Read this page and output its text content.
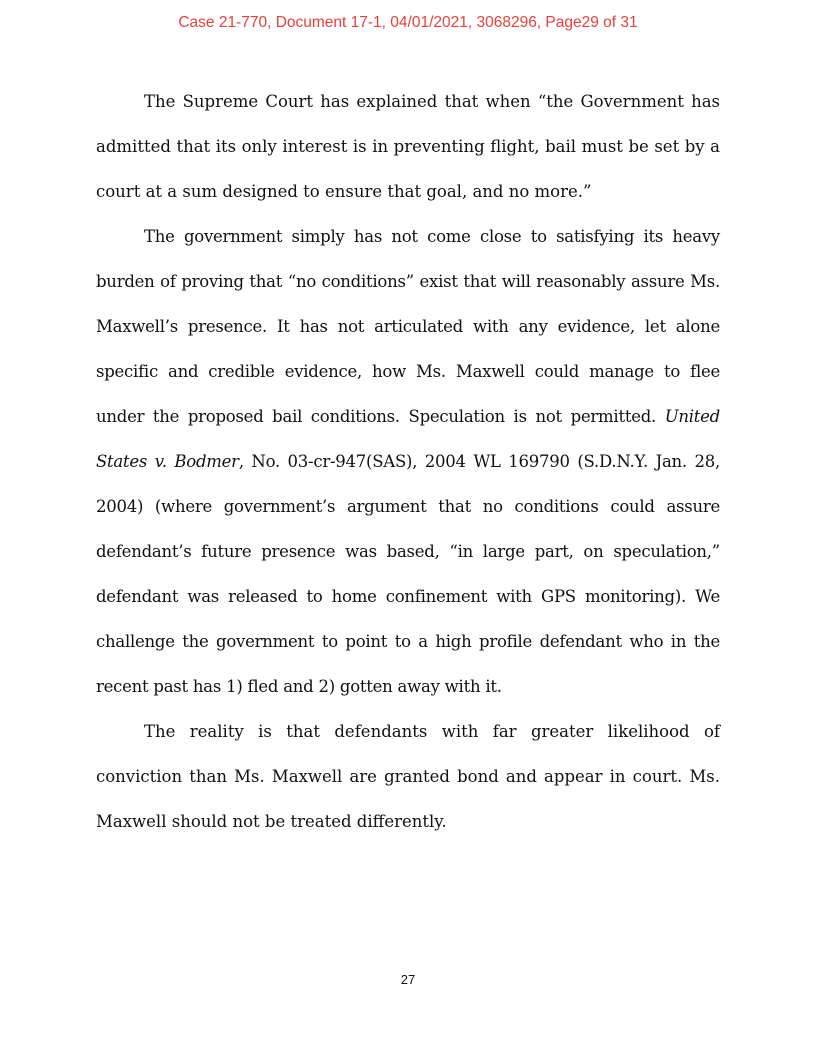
Case 21-770, Document 17-1, 04/01/2021, 3068296, Page29 of 31

The Supreme Court has explained that when “the Government has admitted that its only interest is in preventing flight, bail must be set by a court at a sum designed to ensure that goal, and no more.”

The government simply has not come close to satisfying its heavy burden of proving that “no conditions” exist that will reasonably assure Ms. Maxwell’s presence. It has not articulated with any evidence, let alone specific and credible evidence, how Ms. Maxwell could manage to flee under the proposed bail conditions. Speculation is not permitted. United States v. Bodmer, No. 03-cr-947(SAS), 2004 WL 169790 (S.D.N.Y. Jan. 28, 2004) (where government’s argument that no conditions could assure defendant’s future presence was based, “in large part, on speculation,” defendant was released to home confinement with GPS monitoring). We challenge the government to point to a high profile defendant who in the recent past has 1) fled and 2) gotten away with it.

The reality is that defendants with far greater likelihood of conviction than Ms. Maxwell are granted bond and appear in court. Ms. Maxwell should not be treated differently.

27
